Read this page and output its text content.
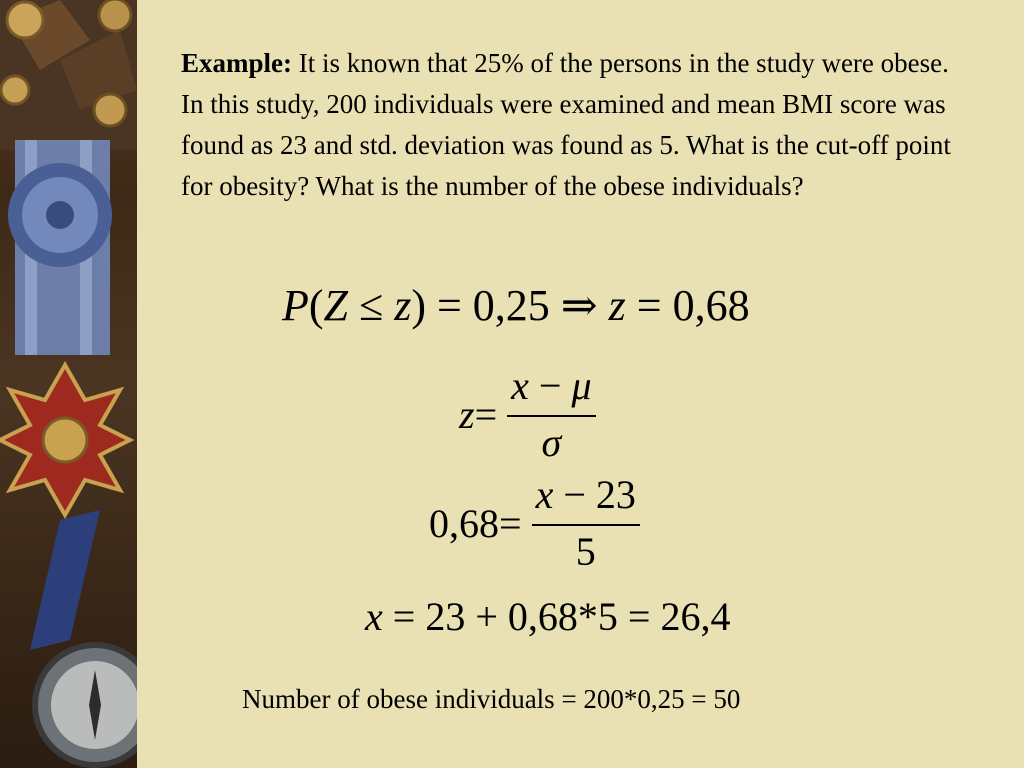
Example: It is known that 25% of the persons in the study were obese. In this study, 200 individuals were examined and mean BMI score was found as 23 and std. deviation was found as 5. What is the cut-off point for obesity? What is the number of the obese individuals?
P(Z ≤ z) = 0,25 ⇒ z = 0,68
$z = \frac{x - \mu}{\sigma}$
$0,68 = \frac{x - 23}{5}$
x = 23 + 0,68*5 = 26,4
Number of obese individuals = 200*0,25 = 50
